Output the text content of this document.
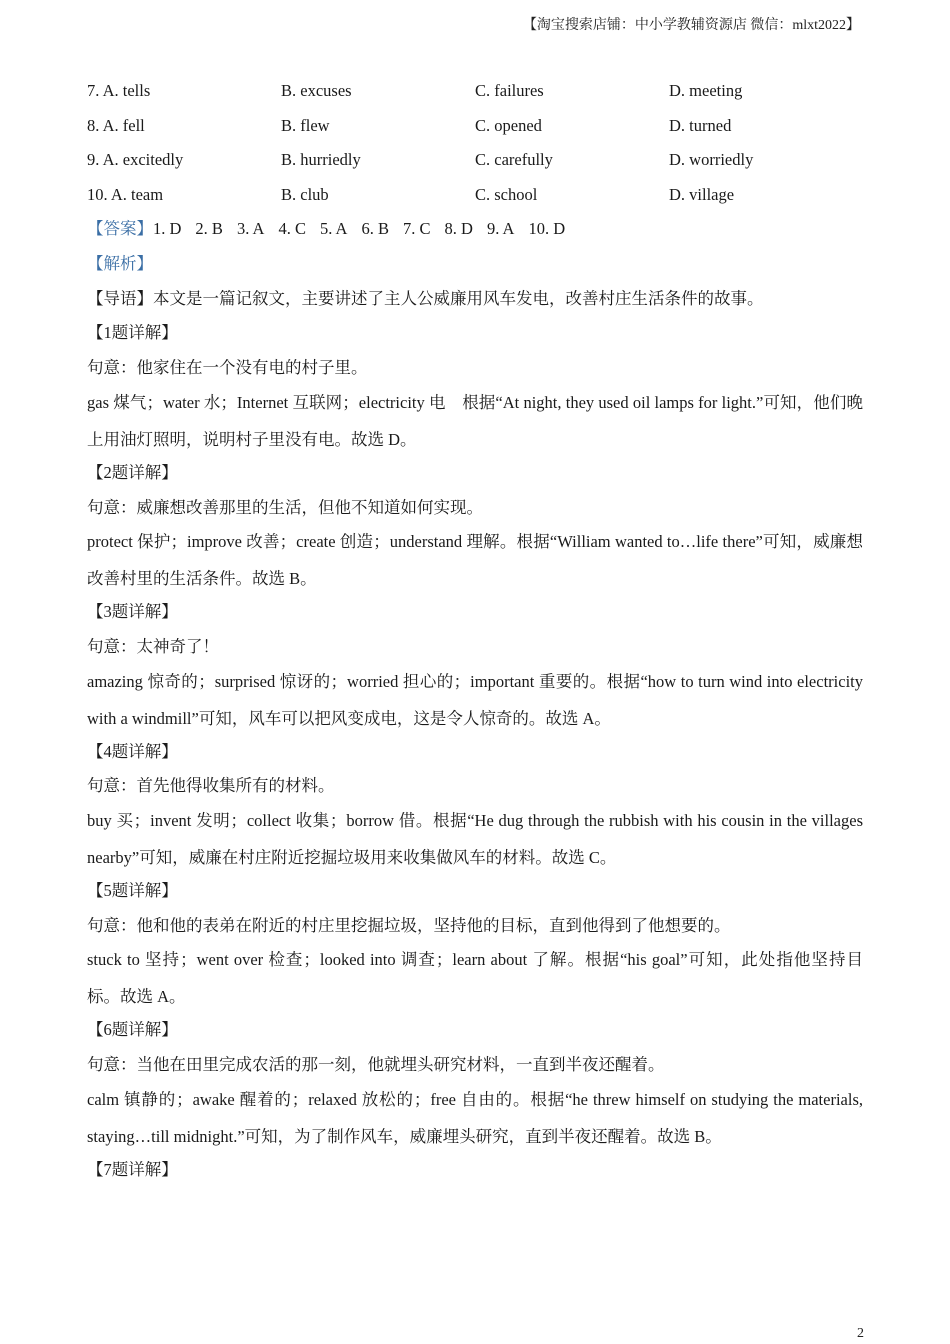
【淘宝搜索店铺：中小学教辅资源店 微信：mlxt2022】
7. A. tells	B. excuses	C. failures	D. meeting
8. A. fell	B. flew	C. opened	D. turned
9. A. excitedly	B. hurriedly	C. carefully	D. worriedly
10. A. team	B. club	C. school	D. village
【答案】1. D 2. B 3. A 4. C 5. A 6. B 7. C 8. D 9. A 10. D
【解析】
【导语】本文是一篇记叙文，主要讲述了主人公威廉用风车发电，改善村庄生活条件的故事。
【1题详解】
句意：他家住在一个没有电的村子里。
gas 煤气；water 水；Internet 互联网；electricity 电　根据“At night, they used oil lamps for light.”可知，他们晚上用油灯照明，说明村子里没有电。故选 D。
【2题详解】
句意：威廉想改善那里的生活，但他不知道如何实现。
protect 保护；improve 改善；create 创造；understand 理解。根据“William wanted to…life there”可知，威廉想改善村里的生活条件。故选 B。
【3题详解】
句意：太神奇了！
amazing 惊奇的；surprised 惊讶的；worried 担心的；important 重要的。根据“how to turn wind into electricity with a windmill”可知，风车可以把风变成电，这是令人惊奇的。故选 A。
【4题详解】
句意：首先他得收集所有的材料。
buy 买；invent 发明；collect 收集；borrow 借。根据“He dug through the rubbish with his cousin in the villages nearby”可知，威廉在村庄附近挖掘垃圾用来收集做风车的材料。故选 C。
【5题详解】
句意：他和他的表弟在附近的村庄里挖掘垃圾，坚持他的目标，直到他得到了他想要的。
stuck to 坚持；went over 检查；looked into 调查；learn about 了解。根据“his goal”可知，此处指他坚持目标。故选 A。
【6题详解】
句意：当他在田里完成农活的那一刻，他就埋头研究材料，一直到半夜还醒着。
calm 镇静的；awake 醒着的；relaxed 放松的；free 自由的。根据“he threw himself on studying the materials, staying…till midnight.”可知，为了制作风车，威廉埋头研究，直到半夜还醒着。故选 B。
【7题详解】
2
